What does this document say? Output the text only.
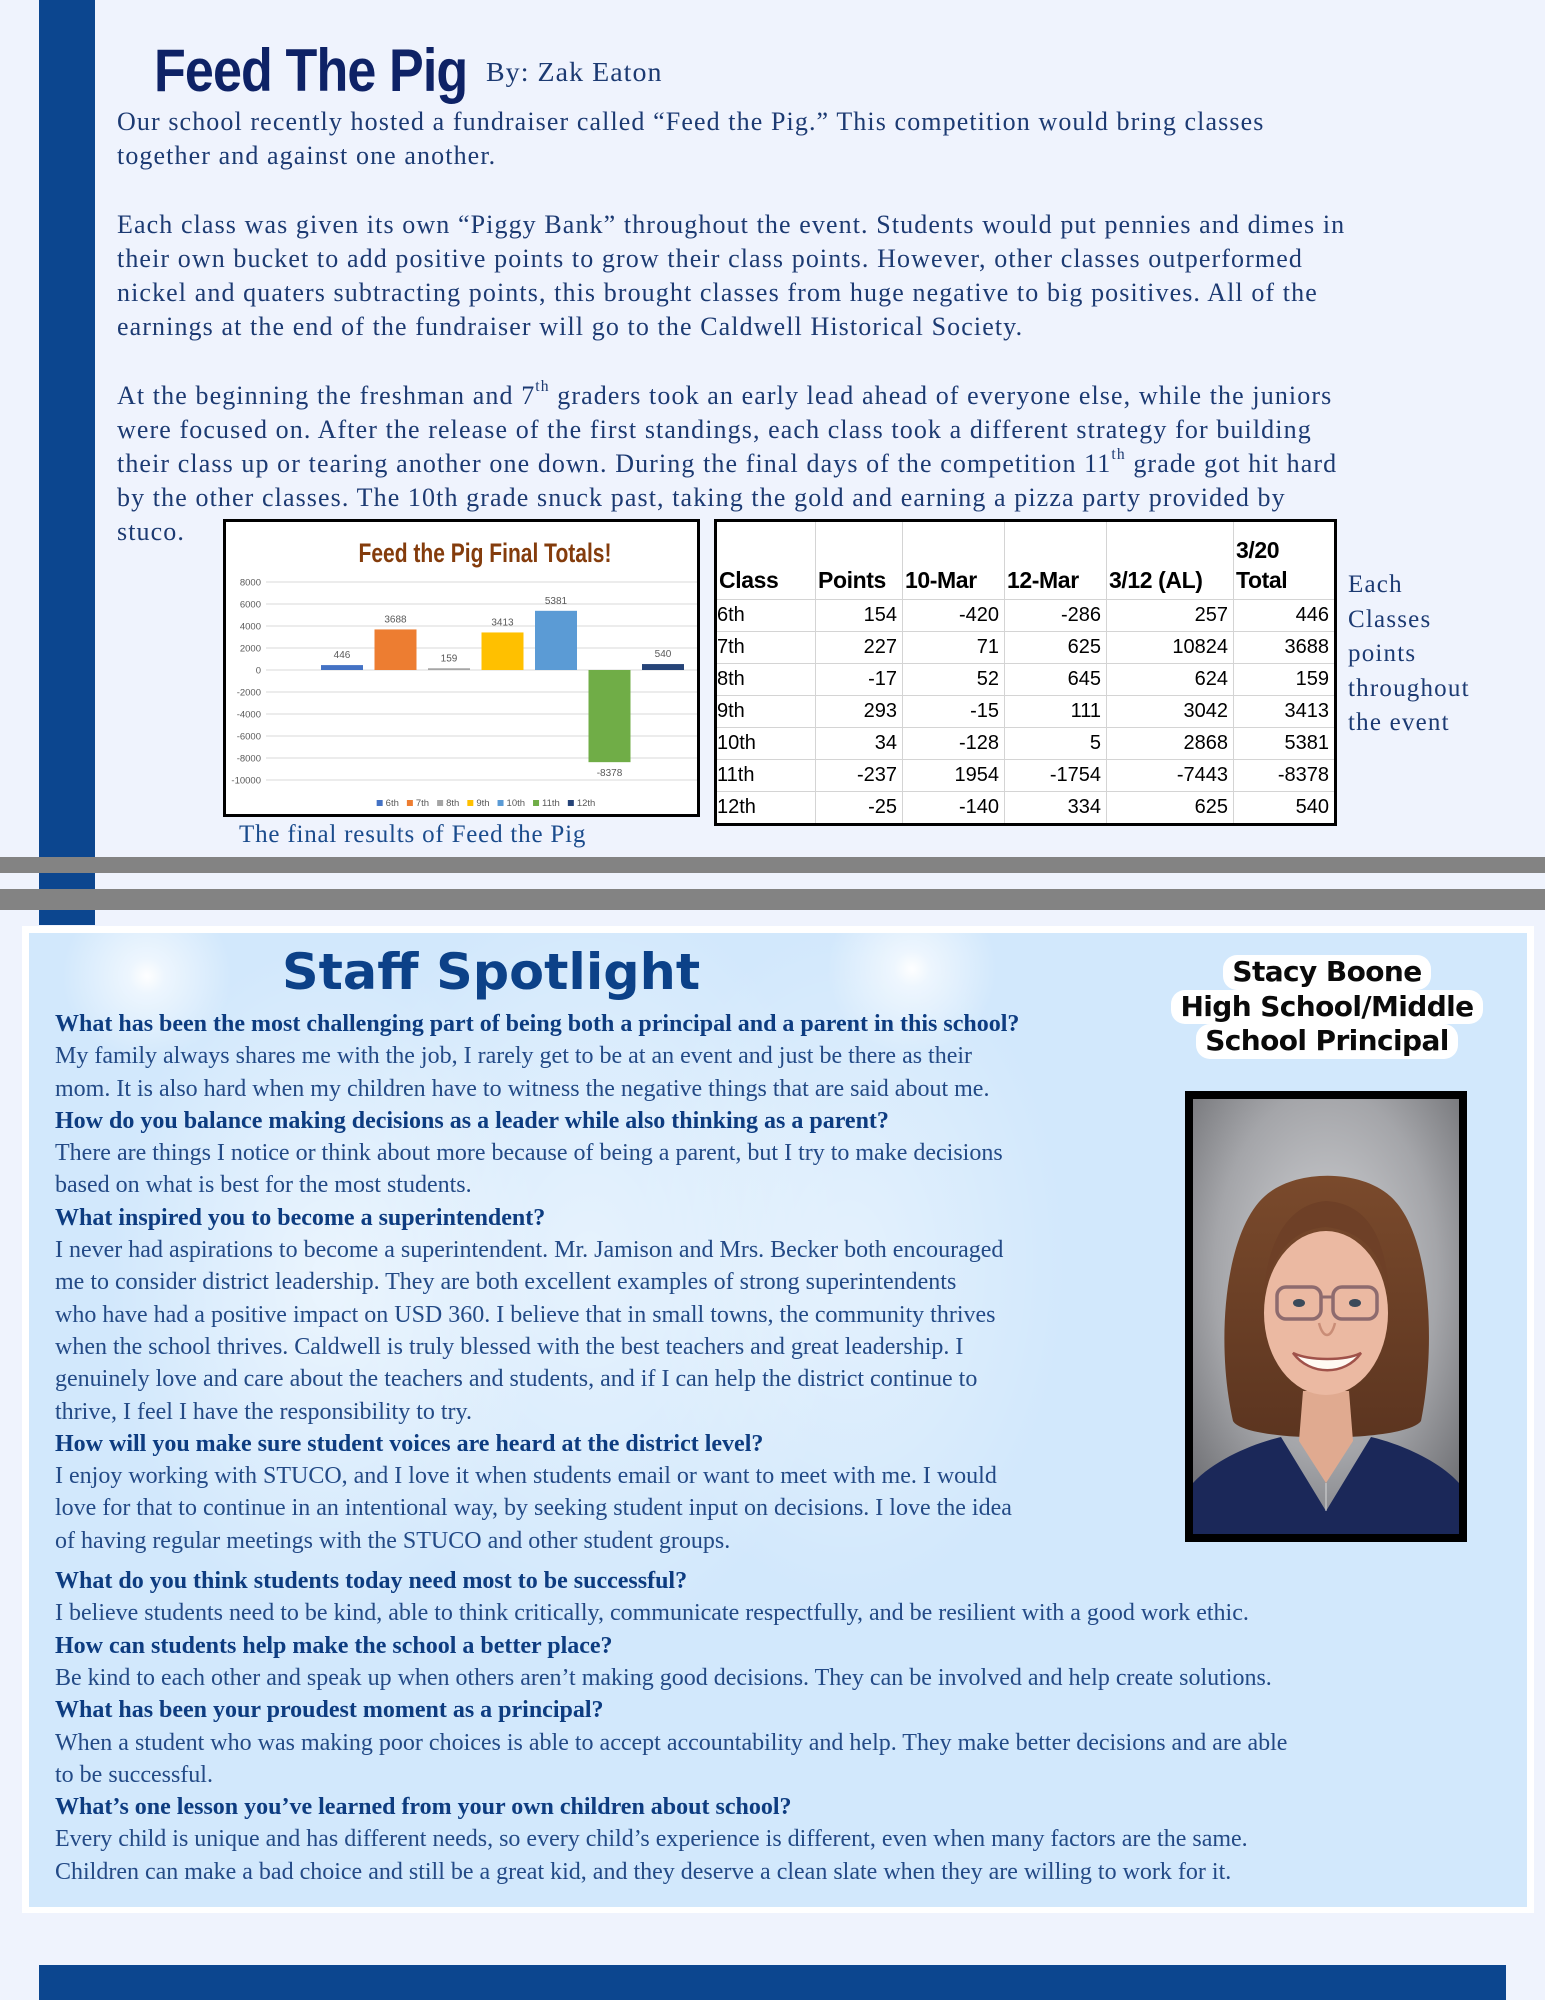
Feed The Pig By: Zak Eaton
Our school recently hosted a fundraiser called “Feed the Pig.” This competition would bring classes
together and against one another.
Each class was given its own “Piggy Bank” throughout the event. Students would put pennies and dimes in
their own bucket to add positive points to grow their class points. However, other classes outperformed
nickel and quaters subtracting points, this brought classes from huge negative to big positives. All of the
earnings at the end of the fundraiser will go to the Caldwell Historical Society.
At the beginning the freshman and 7th graders took an early lead ahead of everyone else, while the juniors
were focused on. After the release of the first standings, each class took a different strategy for building
their class up or tearing another one down. During the final days of the competition 11th grade got hit hard
by the other classes. The 10th grade snuck past, taking the gold and earning a pizza party provided by
stuco.
Feed the Pig Final Totals!
8000
6000
4000
2000
0
-2000
-4000
-6000
-8000
-10000
446
3688
159
3413
5381
-8378
540
6th 7th 8th 9th 10th 11th 12th
The final results of Feed the Pig
Class	Points	10-Mar	12-Mar	3/12 (AL)	3/20 Total
6th	154	-420	-286	257	446
7th	227	71	625	10824	3688
8th	-17	52	645	624	159
9th	293	-15	111	3042	3413
10th	34	-128	5	2868	5381
11th	-237	1954	-1754	-7443	-8378
12th	-25	-140	334	625	540
Each
Classes
points
throughout
the event
Staff Spotlight	Stacy Boone
High School/Middle
School Principal
What has been the most challenging part of being both a principal and a parent in this school?
My family always shares me with the job, I rarely get to be at an event and just be there as their
mom. It is also hard when my children have to witness the negative things that are said about me.
How do you balance making decisions as a leader while also thinking as a parent?
There are things I notice or think about more because of being a parent, but I try to make decisions
based on what is best for the most students.
What inspired you to become a superintendent?
I never had aspirations to become a superintendent. Mr. Jamison and Mrs. Becker both encouraged
me to consider district leadership. They are both excellent examples of strong superintendents
who have had a positive impact on USD 360. I believe that in small towns, the community thrives
when the school thrives. Caldwell is truly blessed with the best teachers and great leadership. I
genuinely love and care about the teachers and students, and if I can help the district continue to
thrive, I feel I have the responsibility to try.
How will you make sure student voices are heard at the district level?
I enjoy working with STUCO, and I love it when students email or want to meet with me. I would
love for that to continue in an intentional way, by seeking student input on decisions. I love the idea
of having regular meetings with the STUCO and other student groups.
What do you think students today need most to be successful?
I believe students need to be kind, able to think critically, communicate respectfully, and be resilient with a good work ethic.
How can students help make the school a better place?
Be kind to each other and speak up when others aren’t making good decisions. They can be involved and help create solutions.
What has been your proudest moment as a principal?
When a student who was making poor choices is able to accept accountability and help. They make better decisions and are able
to be successful.
What’s one lesson you’ve learned from your own children about school?
Every child is unique and has different needs, so every child’s experience is different, even when many factors are the same.
Children can make a bad choice and still be a great kid, and they deserve a clean slate when they are willing to work for it.
